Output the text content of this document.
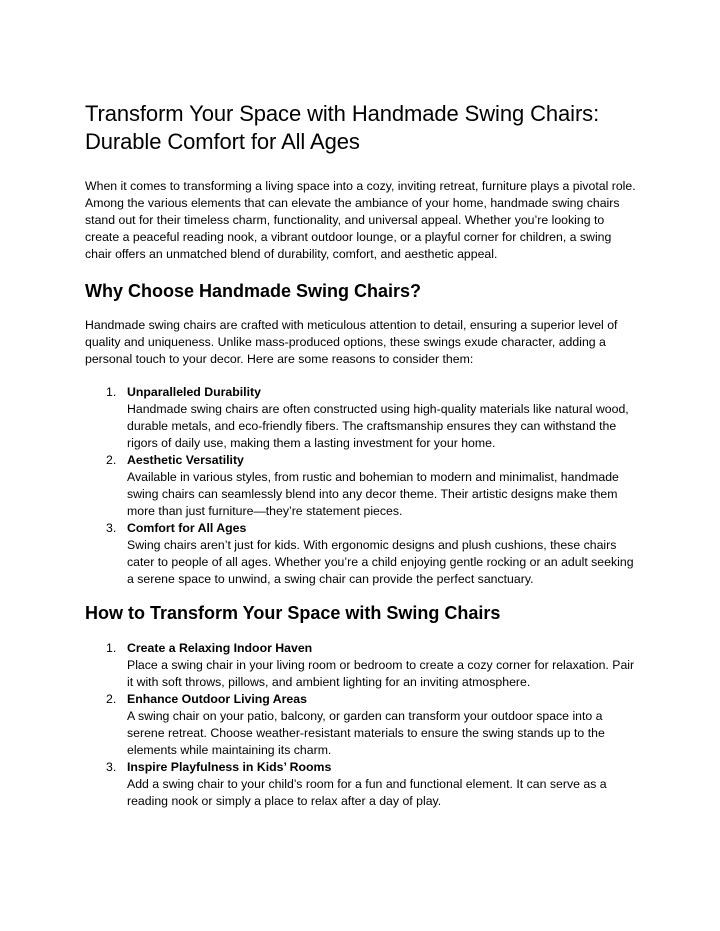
Transform Your Space with Handmade Swing Chairs: Durable Comfort for All Ages

When it comes to transforming a living space into a cozy, inviting retreat, furniture plays a pivotal role. Among the various elements that can elevate the ambiance of your home, handmade swing chairs stand out for their timeless charm, functionality, and universal appeal. Whether you’re looking to create a peaceful reading nook, a vibrant outdoor lounge, or a playful corner for children, a swing chair offers an unmatched blend of durability, comfort, and aesthetic appeal.

Why Choose Handmade Swing Chairs?

Handmade swing chairs are crafted with meticulous attention to detail, ensuring a superior level of quality and uniqueness. Unlike mass-produced options, these swings exude character, adding a personal touch to your decor. Here are some reasons to consider them:

1. Unparalleled Durability
Handmade swing chairs are often constructed using high-quality materials like natural wood, durable metals, and eco-friendly fibers. The craftsmanship ensures they can withstand the rigors of daily use, making them a lasting investment for your home.
2. Aesthetic Versatility
Available in various styles, from rustic and bohemian to modern and minimalist, handmade swing chairs can seamlessly blend into any decor theme. Their artistic designs make them more than just furniture—they’re statement pieces.
3. Comfort for All Ages
Swing chairs aren’t just for kids. With ergonomic designs and plush cushions, these chairs cater to people of all ages. Whether you’re a child enjoying gentle rocking or an adult seeking a serene space to unwind, a swing chair can provide the perfect sanctuary.
How to Transform Your Space with Swing Chairs
1. Create a Relaxing Indoor Haven
Place a swing chair in your living room or bedroom to create a cozy corner for relaxation. Pair it with soft throws, pillows, and ambient lighting for an inviting atmosphere.
2. Enhance Outdoor Living Areas
A swing chair on your patio, balcony, or garden can transform your outdoor space into a serene retreat. Choose weather-resistant materials to ensure the swing stands up to the elements while maintaining its charm.
3. Inspire Playfulness in Kids’ Rooms
Add a swing chair to your child’s room for a fun and functional element. It can serve as a reading nook or simply a place to relax after a day of play.
